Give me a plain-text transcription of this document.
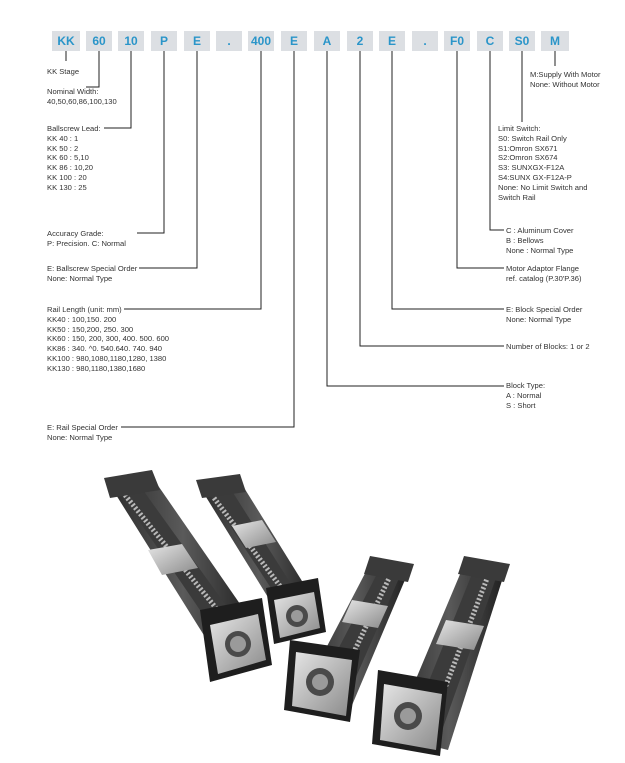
KK	60	10	P	E	.	400	E	A	2	E	.	F0	C	S0	M
KK Stage
Nominal Width:
40,50,60,86,100,130
Ballscrew Lead:
KK 40 : 1
KK 50 : 2
KK 60 : 5,10
KK 86 : 10,20
KK 100 : 20
KK 130 : 25
Accuracy Grade:
P: Precision. C: Normal
E: Ballscrew Special Order
None: Normal Type
Rail Length (unit: mm)
KK40 : 100,150. 200
KK50 : 150,200, 250. 300
KK60 : 150, 200, 300, 400. 500. 600
KK86 : 340. ^0. 540.640. 740. 940
KK100 : 980,1080,1180,1280, 1380
KK130 : 980,1180,1380,1680
E: Rail Special Order
None: Normal Type
M:Supply With Motor
None: Without Motor
Limit Switch:
S0: Switch Rail Only
S1:Omron SX671
S2:Omron SX674
S3: SUNXGX-F12A
S4:SUNX GX-F12A-P
None: No Limit Switch and
Switch Rail
C : Aluminum Cover
B : Bellows
None : Normal Type
Motor Adaptor Flange
ref. catalog (P.30'P.36)
E: Block Special Order
None: Normal Type
Number of Blocks: 1 or 2
Block Type:
A : Normal
S : Short
